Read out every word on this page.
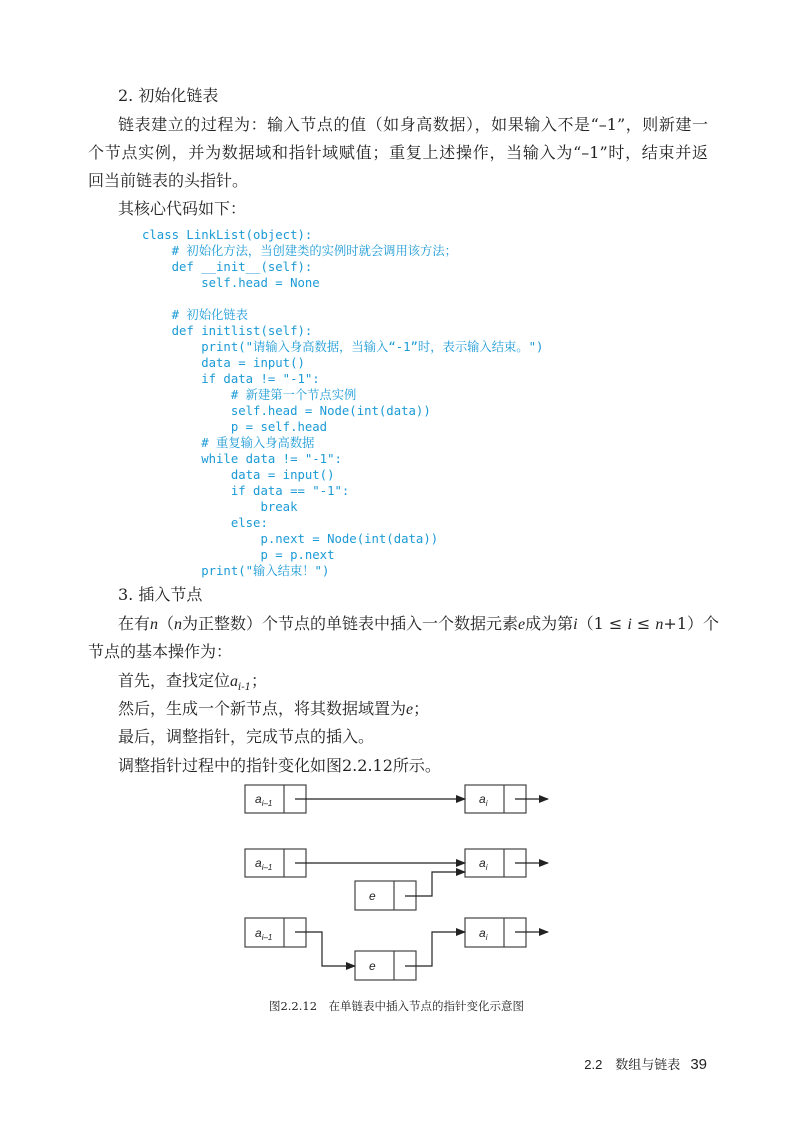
2. 初始化链表
链表建立的过程为：输入节点的值（如身高数据），如果输入不是“–1”，则新建一
个节点实例，并为数据域和指针域赋值；重复上述操作，当输入为“–1”时，结束并返
回当前链表的头指针。
其核心代码如下：
class LinkList(object):
# 初始化方法，当创建类的实例时就会调用该方法；
def __init__(self):
self.head = None

# 初始化链表
def initlist(self):
print("请输入身高数据，当输入“-1”时，表示输入结束。")
data = input()
if data != "-1":
# 新建第一个节点实例
self.head = Node(int(data))
p = self.head
# 重复输入身高数据
while data != "-1":
data = input()
if data == "-1":
break
else:
p.next = Node(int(data))
p = p.next
print("输入结束！")
3. 插入节点
在有n（n为正整数）个节点的单链表中插入一个数据元素e成为第i（1 ≤ i ≤ n+1）个
节点的基本操作为：
首先，查找定位$a_{i-1}$；
然后，生成一个新节点，将其数据域置为e；
最后，调整指针，完成节点的插入。
调整指针过程中的指针变化如图2.2.12所示。
$a_{i-1}$	$a_i$
$a_{i-1}$	$a_i$
e
$a_{i-1}$	$a_i$
e
图2.2.12　在单链表中插入节点的指针变化示意图
2.2　数组与链表 39
